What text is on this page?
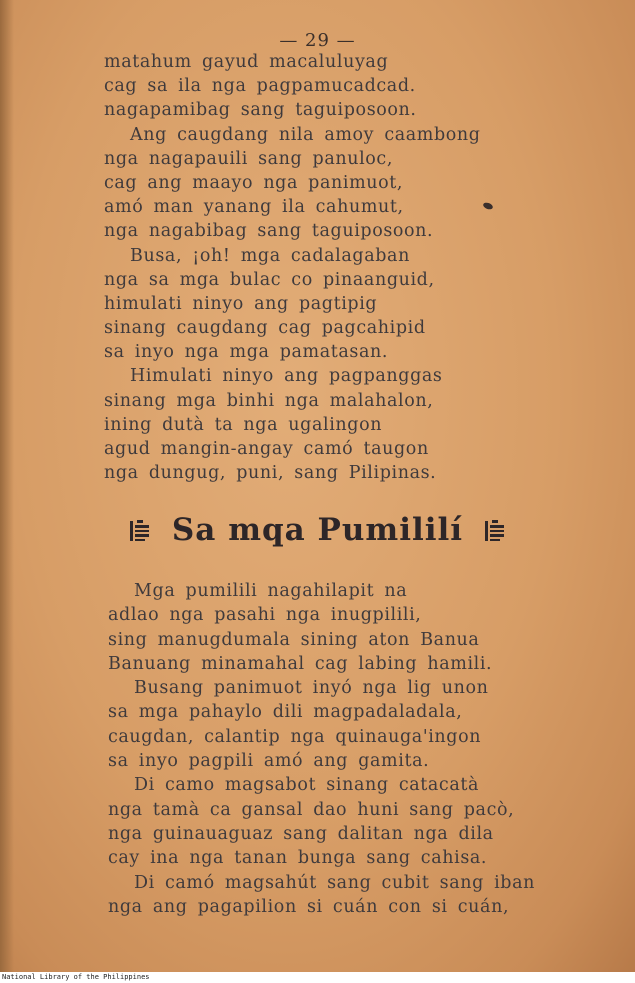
— 29 —
matahum gayud macaluluyag
cag sa ila nga pagpamucadcad.
nagapamibag sang taguiposoon.
Ang caugdang nila amoy caambong
nga nagapauili sang panuloc,
cag ang maayo nga panimuot,
amó man yanang ila cahumut,
nga nagabibag sang taguiposoon.
Busa, ¡oh! mga cadalagaban
nga sa mga bulac co pinaanguid,
himulati ninyo ang pagtipig
sinang caugdang cag pagcahipid
sa inyo nga mga pamatasan.
Himulati ninyo ang pagpanggas
sinang mga binhi nga malahalon,
ining dutà ta nga ugalingon
agud mangin-angay camó taugon
nga dungug, puni, sang Pilipinas.
Sa mqa Pumililí
Mga pumilili nagahilapit na
adlao nga pasahi nga inugpilili,
sing manugdumala sining aton Banua
Banuang minamahal cag labing hamili.
Busang panimuot inyó nga lig unon
sa mga pahaylo dili magpadaladala,
caugdan, calantip nga quinauga'ingon
sa inyo pagpili amó ang gamita.
Di camo magsabot sinang catacatà
nga tamà ca gansal dao huni sang pacò,
nga guinauaguaz sang dalitan nga dila
cay ina nga tanan bunga sang cahisa.
Di camó magsahút sang cubit sang iban
nga ang pagapilion si cuán con si cuán,
National Library of the Philippines
